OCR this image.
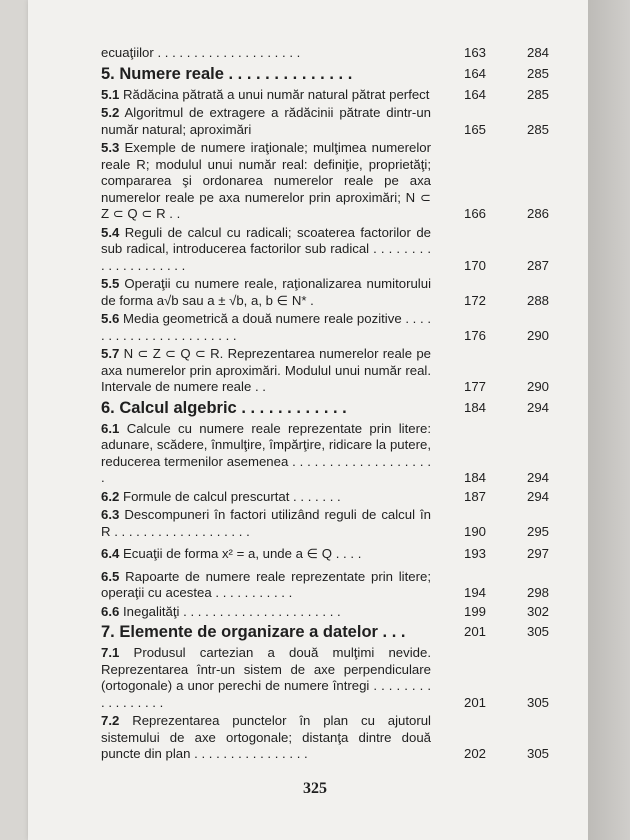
ecuaţiilor . . . . . . . . . . . . . . . . . . . .	163	284
5. Numere reale . . . . . . . . . . . . . .	164	285
5.1 Rădăcina pătrată a unui număr natural pătrat perfect	164	285
5.2 Algoritmul de extragere a rădăcinii pătrate dintr-un număr natural; aproximări	165	285
5.3 Exemple de numere iraţionale; mulţimea numerelor reale R; modulul unui număr real: definiţie, proprietăţi; compararea şi ordonarea numerelor reale pe axa numerelor reale pe axa numerelor prin aproximări; N ⊂ Z ⊂ Q ⊂ R . .	166	286
5.4 Reguli de calcul cu radicali; scoaterea factorilor de sub radical, introducerea factorilor sub radical . . . . . . . . . . . . . . . . . . . .	170	287
5.5 Operaţii cu numere reale, raţionalizarea numitorului de forma a√b sau a ± √b, a, b ∈ N* .	172	288
5.6 Media geometrică a două numere reale pozitive . . . . . . . . . . . . . . . . . . . . . . .	176	290
5.7 N ⊂ Z ⊂ Q ⊂ R. Reprezentarea numerelor reale pe axa numerelor prin aproximări. Modulul unui număr real. Intervale de numere reale . .	177	290
6. Calcul algebric . . . . . . . . . . . .	184	294
6.1 Calcule cu numere reale reprezentate prin litere: adunare, scădere, înmulţire, împărţire, ridicare la putere, reducerea termenilor asemenea . . . . . . . . . . . . . . . . . . . .	184	294
6.2 Formule de calcul prescurtat . . . . . . .	187	294
6.3 Descompuneri în factori utilizând reguli de calcul în R . . . . . . . . . . . . . . . . . . .	190	295
6.4 Ecuaţii de forma x² = a, unde a ∈ Q . . . .	193	297
6.5 Rapoarte de numere reale reprezentate prin litere; operaţii cu acestea . . . . . . . . . . .	194	298
6.6 Inegalităţi . . . . . . . . . . . . . . . . . . . . . .	199	302
7. Elemente de organizare a datelor . . .	201	305
7.1 Produsul cartezian a două mulţimi nevide. Reprezentarea într-un sistem de axe perpendiculare (ortogonale) a unor perechi de numere întregi . . . . . . . . . . . . . . . . .	201	305
7.2 Reprezentarea punctelor în plan cu ajutorul sistemului de axe ortogonale; distanţa dintre două puncte din plan . . . . . . . . . . . . . . . .	202	305
325
